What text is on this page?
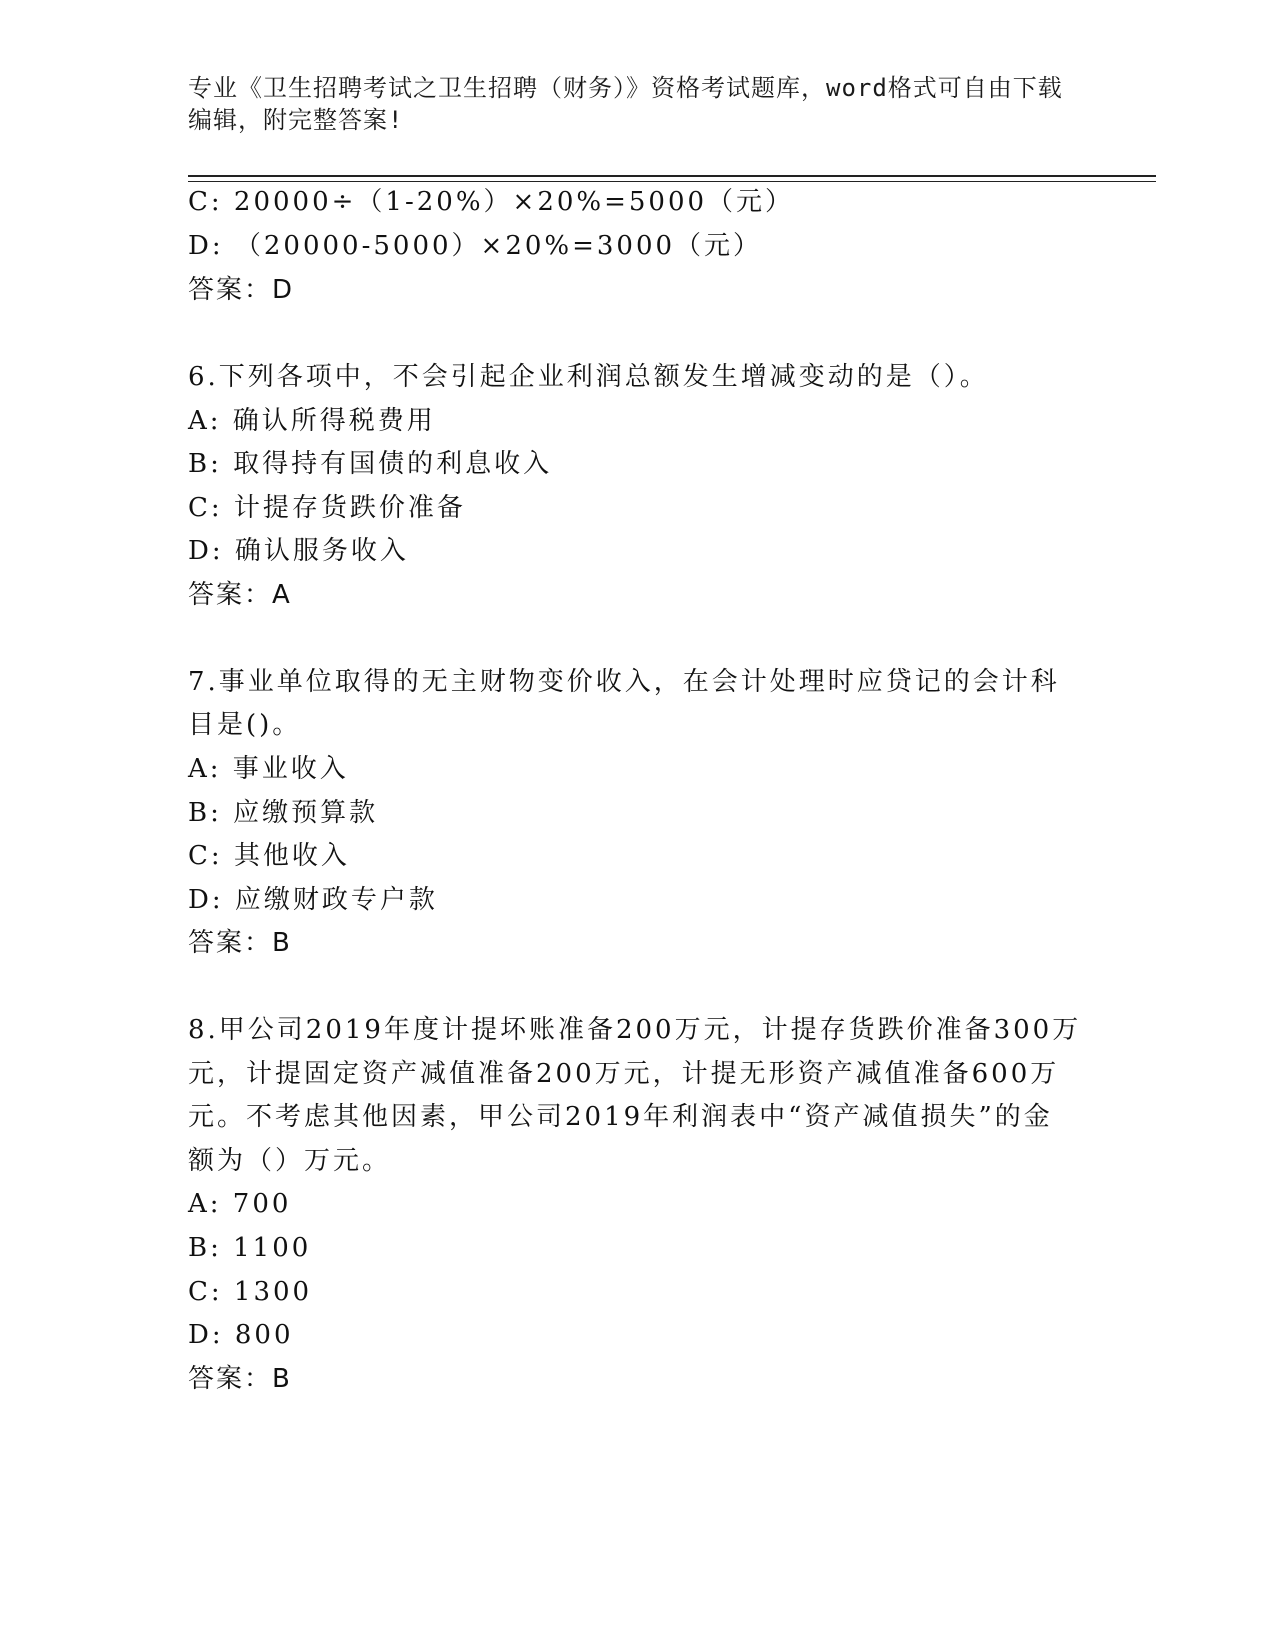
专业《卫生招聘考试之卫生招聘（财务）》资格考试题库，word格式可自由下载
编辑，附完整答案!
C: 20000÷（1-20%）×20%=5000（元）
D: （20000-5000）×20%=3000（元）
答案：D
6.下列各项中，不会引起企业利润总额发生增减变动的是（）。
A: 确认所得税费用
B: 取得持有国债的利息收入
C: 计提存货跌价准备
D: 确认服务收入
答案：A
7.事业单位取得的无主财物变价收入，在会计处理时应贷记的会计科
目是()。
A: 事业收入
B: 应缴预算款
C: 其他收入
D: 应缴财政专户款
答案：B
8.甲公司2019年度计提坏账准备200万元，计提存货跌价准备300万
元，计提固定资产减值准备200万元，计提无形资产减值准备600万
元。不考虑其他因素，甲公司2019年利润表中“资产减值损失”的金
额为（）万元。
A: 700
B: 1100
C: 1300
D: 800
答案：B
